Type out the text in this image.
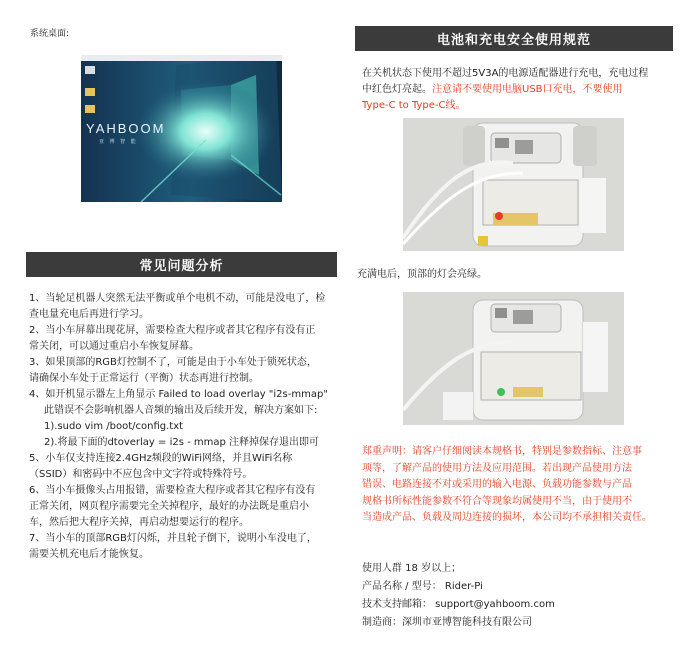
系统桌面:
YAHBOOM
亚 博 智 能
常见问题分析
1、当轮足机器人突然无法平衡或单个电机不动，可能是没电了，检
查电量充电后再进行学习。
2、当小车屏幕出现花屏，需要检查大程序或者其它程序有没有正
常关闭，可以通过重启小车恢复屏幕。
3、如果顶部的RGB灯控制不了，可能是由于小车处于锁死状态，
请确保小车处于正常运行（平衡）状态再进行控制。
4、如开机显示器左上角显示 Failed to load overlay "i2s-mmap"
此错误不会影响机器人音频的输出及后续开发，解决方案如下:
1).sudo vim /boot/config.txt
2).将最下面的dtoverlay = i2s - mmap 注释掉保存退出即可
5、小车仅支持连接2.4GHz频段的WiFi网络，并且WiFi名称
（SSID）和密码中不应包含中文字符或特殊符号。
6、当小车摄像头占用报错，需要检查大程序或者其它程序有没有
正常关闭，网页程序需要完全关掉程序，最好的办法既是重启小
车，然后把大程序关掉，再启动想要运行的程序。
7、当小车的顶部RGB灯闪烁，并且轮子倒下，说明小车没电了，
需要关机充电后才能恢复。
电池和充电安全使用规范
在关机状态下使用不超过5V3A的电源适配器进行充电，充电过程
中红色灯亮起。注意请不要使用电脑USB口充电，不要使用
Type-C to Type-C线。
充满电后，顶部的灯会亮绿。
郑重声明：请客户仔细阅读本规格书，特别是参数指标、注意事
项等，了解产品的使用方法及应用范围。若出现产品使用方法
错误、电路连接不对或采用的输入电源、负载功能参数与产品
规格书所标性能参数不符合等现象均属使用不当，由于使用不
当造成产品、负载及周边连接的损坏，本公司均不承担相关责任。
使用人群 18 岁以上；
产品名称 / 型号： Rider-Pi
技术支持邮箱： support@yahboom.com
制造商：深圳市亚博智能科技有限公司
